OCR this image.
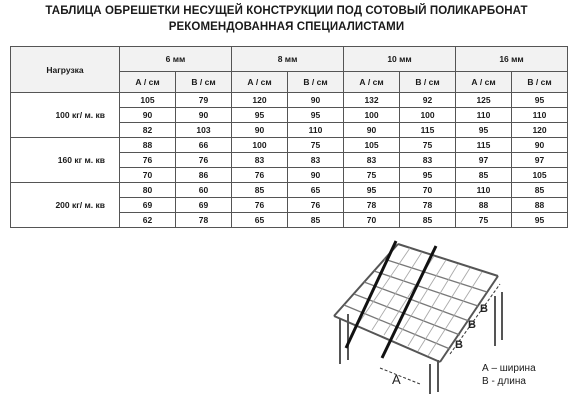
ТАБЛИЦА ОБРЕШЕТКИ НЕСУЩЕЙ КОНСТРУКЦИИ ПОД СОТОВЫЙ ПОЛИКАРБОНАТ
РЕКОМЕНДОВАННАЯ СПЕЦИАЛИСТАМИ
Нагрузка	6 мм		8 мм		10 мм		16 мм	
	А / см	В / см	А / см	В / см	А / см	В / см	А / см	В / см
100 кг/ м. кв	105	79	120	90	132	92	125	95
	90	90	95	95	100	100	110	110
	82	103	90	110	90	115	95	120
160 кг м. кв	88	66	100	75	105	75	115	90
	76	76	83	83	83	83	97	97
	70	86	76	90	75	95	85	105
200 кг/ м. кв	80	60	85	65	95	70	110	85
	69	69	76	76	78	78	88	88
	62	78	65	85	70	85	75	95
A
B
B
B
А – ширина
В - длина
